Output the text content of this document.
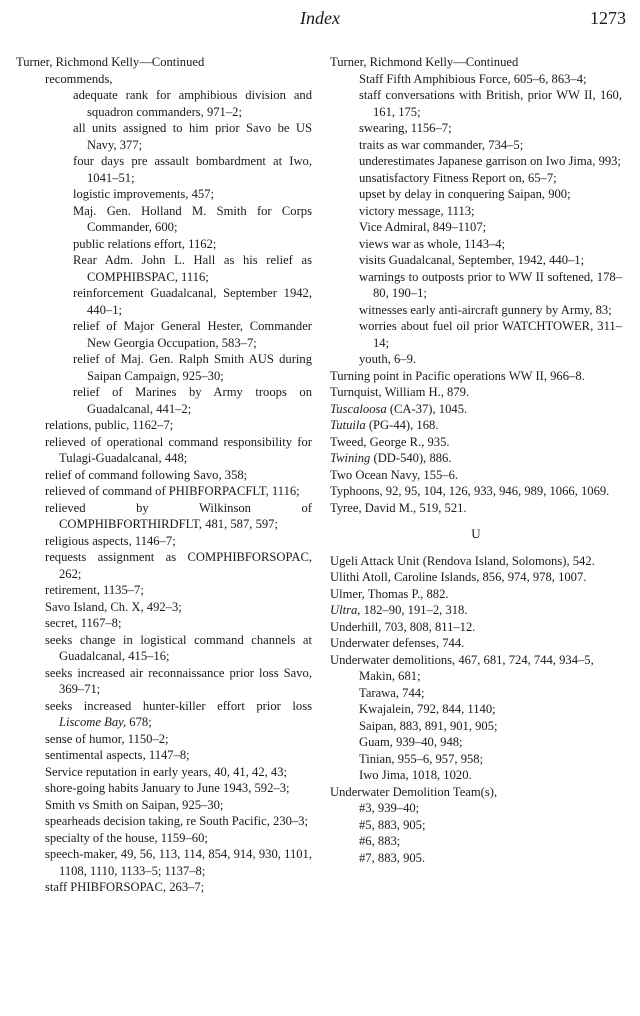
Index	1273

Turner, Richmond Kelly—Continued

recommends,

adequate rank for amphibious division and squadron commanders, 971–2;

all units assigned to him prior Savo be US Navy, 377;

four days pre assault bombardment at Iwo, 1041–51;

logistic improvements, 457;

Maj. Gen. Holland M. Smith for Corps Commander, 600;

public relations effort, 1162;

Rear Adm. John L. Hall as his relief as COMPHIBSPAC, 1116;

reinforcement Guadalcanal, September 1942, 440–1;

relief of Major General Hester, Commander New Georgia Occupation, 583–7;

relief of Maj. Gen. Ralph Smith AUS during Saipan Campaign, 925–30;

relief of Marines by Army troops on Guadalcanal, 441–2;

relations, public, 1162–7;

relieved of operational command responsibility for Tulagi-Guadalcanal, 448;

relief of command following Savo, 358;

relieved of command of PHIBFORPACFLT, 1116;

relieved by Wilkinson of COMPHIBFORTHIRDFLT, 481, 587, 597;

religious aspects, 1146–7;

requests assignment as COMPHIBFORSOPAC, 262;

retirement, 1135–7;

Savo Island, Ch. X, 492–3;

secret, 1167–8;

seeks change in logistical command channels at Guadalcanal, 415–16;

seeks increased air reconnaissance prior loss Savo, 369–71;

seeks increased hunter-killer effort prior loss Liscome Bay, 678;

sense of humor, 1150–2;

sentimental aspects, 1147–8;

Service reputation in early years, 40, 41, 42, 43;

shore-going habits January to June 1943, 592–3;

Smith vs Smith on Saipan, 925–30;

spearheads decision taking, re South Pacific, 230–3;

specialty of the house, 1159–60;

speech-maker, 49, 56, 113, 114, 854, 914, 930, 1101, 1108, 1110, 1133–5; 1137–8;

staff PHIBFORSOPAC, 263–7;

Turner, Richmond Kelly—Continued

Staff Fifth Amphibious Force, 605–6, 863–4;

staff conversations with British, prior WW II, 160, 161, 175;

swearing, 1156–7;

traits as war commander, 734–5;

underestimates Japanese garrison on Iwo Jima, 993;

unsatisfactory Fitness Report on, 65–7;

upset by delay in conquering Saipan, 900;

victory message, 1113;

Vice Admiral, 849–1107;

views war as whole, 1143–4;

visits Guadalcanal, September, 1942, 440–1;

warnings to outposts prior to WW II softened, 178–80, 190–1;

witnesses early anti-aircraft gunnery by Army, 83;

worries about fuel oil prior WATCHTOWER, 311–14;

youth, 6–9.

Turning point in Pacific operations WW II, 966–8.

Turnquist, William H., 879.

Tuscaloosa (CA-37), 1045.

Tutuila (PG-44), 168.

Tweed, George R., 935.

Twining (DD-540), 886.

Two Ocean Navy, 155–6.

Typhoons, 92, 95, 104, 126, 933, 946, 989, 1066, 1069.

Tyree, David M., 519, 521.

U

Ugeli Attack Unit (Rendova Island, Solomons), 542.

Ulithi Atoll, Caroline Islands, 856, 974, 978, 1007.

Ulmer, Thomas P., 882.

Ultra, 182–90, 191–2, 318.

Underhill, 703, 808, 811–12.

Underwater defenses, 744.

Underwater demolitions, 467, 681, 724, 744, 934–5,

Makin, 681;

Tarawa, 744;

Kwajalein, 792, 844, 1140;

Saipan, 883, 891, 901, 905;

Guam, 939–40, 948;

Tinian, 955–6, 957, 958;

Iwo Jima, 1018, 1020.

Underwater Demolition Team(s),

#3, 939–40;

#5, 883, 905;

#6, 883;

#7, 883, 905.
